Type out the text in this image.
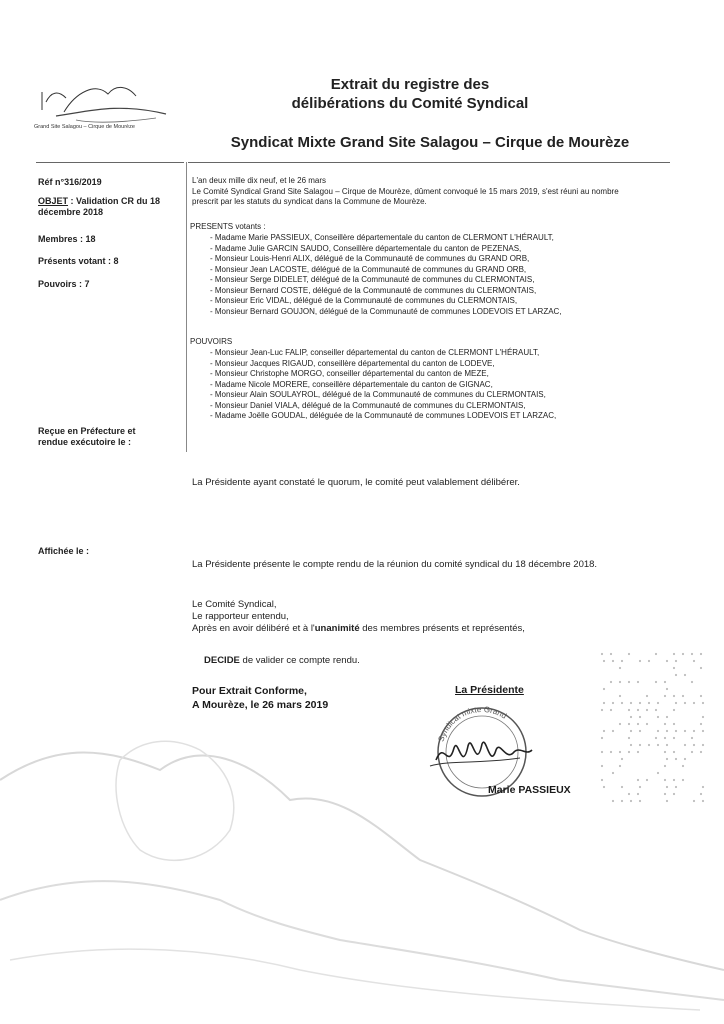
Grand Site Salagou – Cirque de Mourèze
Extrait du registre des
délibérations du Comité Syndical
Syndicat Mixte Grand Site Salagou – Cirque de Mourèze
Réf n°316/2019
OBJET : Validation CR du 18 décembre 2018
Membres : 18
Présents votant : 8
Pouvoirs : 7
Reçue en Préfecture et
rendue exécutoire le :
Affichée le :
L'an deux mille dix neuf, et le 26 mars
Le Comité Syndical Grand Site Salagou – Cirque de Mourèze, dûment convoqué le 15 mars 2019, s'est réuni au nombre
prescrit par les statuts du syndicat dans la Commune de Mourèze.
PRESENTS votants :
- Madame Marie PASSIEUX, Conseillère départementale du canton de CLERMONT L'HÉRAULT,
- Madame Julie GARCIN SAUDO, Conseillère départementale du canton de PEZENAS,
- Monsieur Louis-Henri ALIX, délégué de la Communauté de communes du GRAND ORB,
- Monsieur Jean LACOSTE, délégué de la Communauté de communes du GRAND ORB,
- Monsieur Serge DIDELET, délégué de la Communauté de communes du CLERMONTAIS,
- Monsieur Bernard COSTE, délégué de la Communauté de communes du CLERMONTAIS,
- Monsieur Eric VIDAL, délégué de la Communauté de communes du CLERMONTAIS,
- Monsieur Bernard GOUJON, délégué de la Communauté de communes LODEVOIS ET LARZAC,
POUVOIRS
- Monsieur Jean-Luc FALIP, conseiller départemental du canton de CLERMONT L'HÉRAULT,
- Monsieur Jacques RIGAUD, conseillère départemental du canton de LODEVE,
- Monsieur Christophe MORGO, conseiller départemental du canton de MEZE,
- Madame Nicole MORERE, conseillère départementale du canton de GIGNAC,
- Monsieur Alain SOULAYROL, délégué de la Communauté de communes du CLERMONTAIS,
- Monsieur Daniel VIALA, délégué de la Communauté de communes du CLERMONTAIS,
- Madame Joëlle GOUDAL, déléguée de la Communauté de communes LODEVOIS ET LARZAC,
La Présidente ayant constaté le quorum, le comité peut valablement délibérer.
La Présidente présente le compte rendu de la réunion du comité syndical du 18 décembre 2018.
Le Comité Syndical,
Le rapporteur entendu,
Après en avoir délibéré et à l'unanimité des membres présents et représentés,
DECIDE de valider ce compte rendu.
Pour Extrait Conforme,
A Mourèze, le 26 mars 2019
La Présidente
Syndicat mixte Grand
Marie PASSIEUX
